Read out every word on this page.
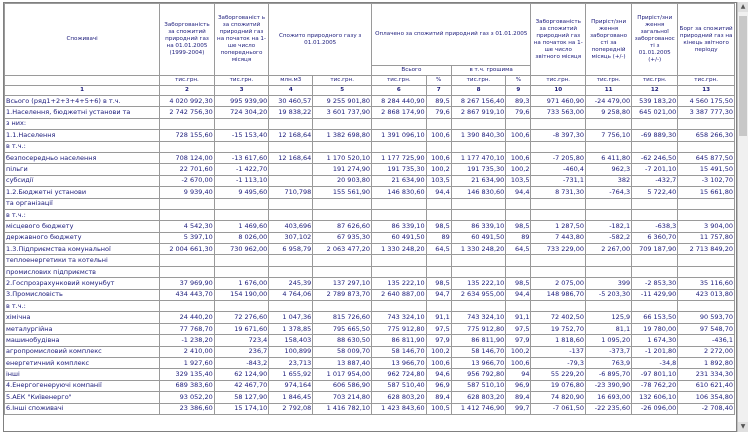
Споживачі	Заборгованість за спожитий природний газ на 01.01.2005 (1999-2004)	Заборгованіст ь за спожитий природний газ на початок на 1-ше число попереднього місяця	Спожито природного газу з 01.01.2005		Оплачено за спожитий природний газ з 01.01.2005				Заборгованість за спожитий природний газ на початок на 1-ше число звітного місяця	Приріст/зни ження заборговано сті за попередній місяць (+/-)	Приріст/зни ження загальної заборгованос ті з 01.01.2005 (+/-)	Борг за спожитий природний газ на кінець звітного періоду
					Всього		в т.ч. грошима					
	тис.грн.	тис.грн.	млн.м3	тис.грн.	тис.грн.	%	тис.грн.	%	тис.грн.	тис.грн.	тис.грн.	тис.грн.
1	2	3	4	5	6	7	8	9	10	11	12	13
Всього (ряд1+2+3+4+5+6) в т.ч.	4 020 992,30	995 939,90	30 460,57	9 255 901,80	8 284 440,90	89,5	8 267 156,40	89,3	971 460,90	-24 479,00	539 183,20	4 560 175,50
1.Населення, бюджетні установи та	2 742 756,30	724 304,20	19 838,22	3 601 737,90	2 868 174,90	79,6	2 867 919,10	79,6	733 563,00	9 258,80	645 021,00	3 387 777,30
з них:												
1.1.Населення	728 155,60	-15 153,40	12 168,64	1 382 698,80	1 391 096,10	100,6	1 390 840,30	100,6	-8 397,30	7 756,10	-69 889,30	658 266,30
в т.ч.:												
безпосередньо населення	708 124,00	-13 617,60	12 168,64	1 170 520,10	1 177 725,90	100,6	1 177 470,10	100,6	-7 205,80	6 411,80	-62 246,50	645 877,50
пільги	22 701,60	-1 422,70		191 274,90	191 735,30	100,2	191 735,30	100,2	-460,4	962,3	-7 201,10	15 491,50
субсидії	-2 670,00	-1 113,10		20 903,80	21 634,90	103,5	21 634,90	103,5	-731,1	382	-432,7	-3 102,70
1.2.Бюджетні установи	9 939,40	9 495,60	710,798	155 561,90	146 830,60	94,4	146 830,60	94,4	8 731,30	-764,3	5 722,40	15 661,80
та організації												
в т.ч.:												
місцевого бюджету	4 542,30	1 469,60	403,696	87 626,60	86 339,10	98,5	86 339,10	98,5	1 287,50	-182,1	-638,3	3 904,00
державного бюджету	5 397,10	8 026,00	307,102	67 935,30	60 491,50	89	60 491,50	89	7 443,80	-582,2	6 360,70	11 757,80
1.3.Підприємства комунальної	2 004 661,30	730 962,00	6 958,79	2 063 477,20	1 330 248,20	64,5	1 330 248,20	64,5	733 229,00	2 267,00	709 187,90	2 713 849,20
теплоенергетики та котельні												
промислових підприємств												
2.Госпрозрахунковий комунбут	37 969,90	1 676,00	245,39	137 297,10	135 222,10	98,5	135 222,10	98,5	2 075,00	399	-2 853,30	35 116,60
3.Промисловість	434 443,70	154 190,00	4 764,06	2 789 873,70	2 640 887,00	94,7	2 634 955,00	94,4	148 986,70	-5 203,30	-11 429,90	423 013,80
в т.ч.:												
хімічна	24 440,20	72 276,60	1 047,36	815 726,60	743 324,10	91,1	743 324,10	91,1	72 402,50	125,9	66 153,50	90 593,70
металургійна	77 768,70	19 671,60	1 378,85	795 665,50	775 912,80	97,5	775 912,80	97,5	19 752,70	81,1	19 780,00	97 548,70
машинобудівна	-1 238,20	723,4	158,403	88 630,50	86 811,90	97,9	86 811,90	97,9	1 818,60	1 095,20	1 674,30	-436,1
агропромисловий комплекс	2 410,00	236,7	100,899	58 009,70	58 146,70	100,2	58 146,70	100,2	-137	-373,7	-1 201,80	2 272,00
енергетичний комплекс	1 927,60	-843,2	23,713	13 887,40	13 966,70	100,6	13 966,70	100,6	-79,3	763,9	-34,8	1 892,80
інші	329 135,40	62 124,90	1 655,92	1 017 954,00	962 724,80	94,6	956 792,80	94	55 229,20	-6 895,70	-97 801,10	231 334,30
4.Енергогенеруючі компанії	689 383,60	42 467,70	974,164	606 586,90	587 510,40	96,9	587 510,10	96,9	19 076,80	-23 390,90	-78 762,20	610 621,40
5.АЕК "Київенерго"	93 052,20	58 127,90	1 846,45	703 214,80	628 803,20	89,4	628 803,20	89,4	74 820,90	16 693,00	132 606,10	106 354,80
6.Інші споживачі	23 386,60	15 174,10	2 792,08	1 416 782,10	1 423 843,60	100,5	1 412 746,90	99,7	-7 061,50	-22 235,60	-26 096,00	-2 708,40
▲
▼
